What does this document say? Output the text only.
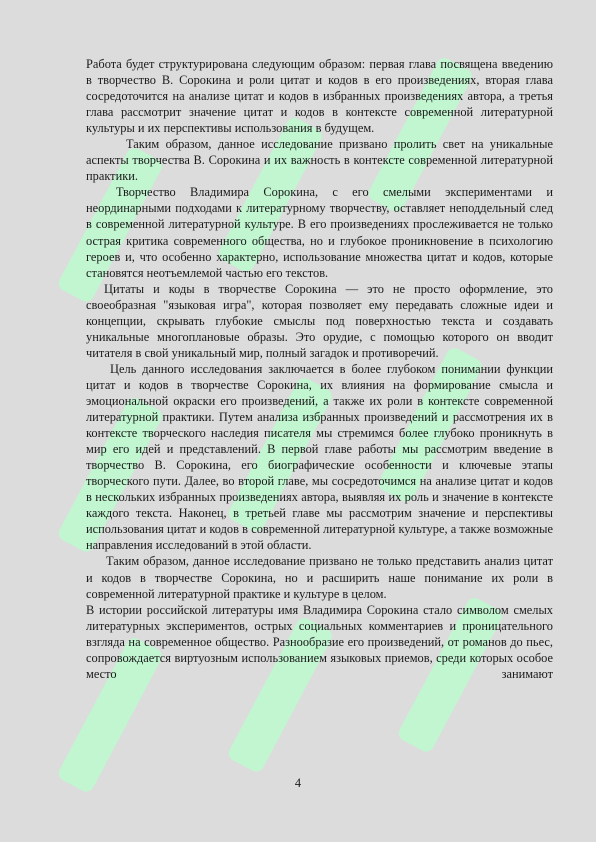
Работа будет структурирована следующим образом: первая глава посвящена введению в творчество В. Сорокина и роли цитат и кодов в его произведениях, вторая глава сосредоточится на анализе цитат и кодов в избранных произведениях автора, а третья глава рассмотрит значение цитат и кодов в контексте современной литературной культуры и их перспективы использования в будущем.

Таким образом, данное исследование призвано пролить свет на уникальные аспекты творчества В. Сорокина и их важность в контексте современной литературной практики.

Творчество Владимира Сорокина, с его смелыми экспериментами и неординарными подходами к литературному творчеству, оставляет неподдельный след в современной литературной культуре. В его произведениях прослеживается не только острая критика современного общества, но и глубокое проникновение в психологию героев и, что особенно характерно, использование множества цитат и кодов, которые становятся неотъемлемой частью его текстов.

Цитаты и коды в творчестве Сорокина — это не просто оформление, это своеобразная "языковая игра", которая позволяет ему передавать сложные идеи и концепции, скрывать глубокие смыслы под поверхностью текста и создавать уникальные многоплановые образы. Это орудие, с помощью которого он вводит читателя в свой уникальный мир, полный загадок и противоречий.

Цель данного исследования заключается в более глубоком понимании функции цитат и кодов в творчестве Сорокина, их влияния на формирование смысла и эмоциональной окраски его произведений, а также их роли в контексте современной литературной практики. Путем анализа избранных произведений и рассмотрения их в контексте творческого наследия писателя мы стремимся более глубоко проникнуть в мир его идей и представлений. В первой главе работы мы рассмотрим введение в творчество В. Сорокина, его биографические особенности и ключевые этапы творческого пути. Далее, во второй главе, мы сосредоточимся на анализе цитат и кодов в нескольких избранных произведениях автора, выявляя их роль и значение в контексте каждого текста. Наконец, в третьей главе мы рассмотрим значение и перспективы использования цитат и кодов в современной литературной культуре, а также возможные направления исследований в этой области.

Таким образом, данное исследование призвано не только представить анализ цитат и кодов в творчестве Сорокина, но и расширить наше понимание их роли в современной литературной практике и культуре в целом.

В истории российской литературы имя Владимира Сорокина стало символом смелых литературных экспериментов, острых социальных комментариев и проницательного взгляда на современное общество. Разнообразие его произведений, от романов до пьес, сопровождается виртуозным использованием языковых приемов, среди которых особое место занимают

4
